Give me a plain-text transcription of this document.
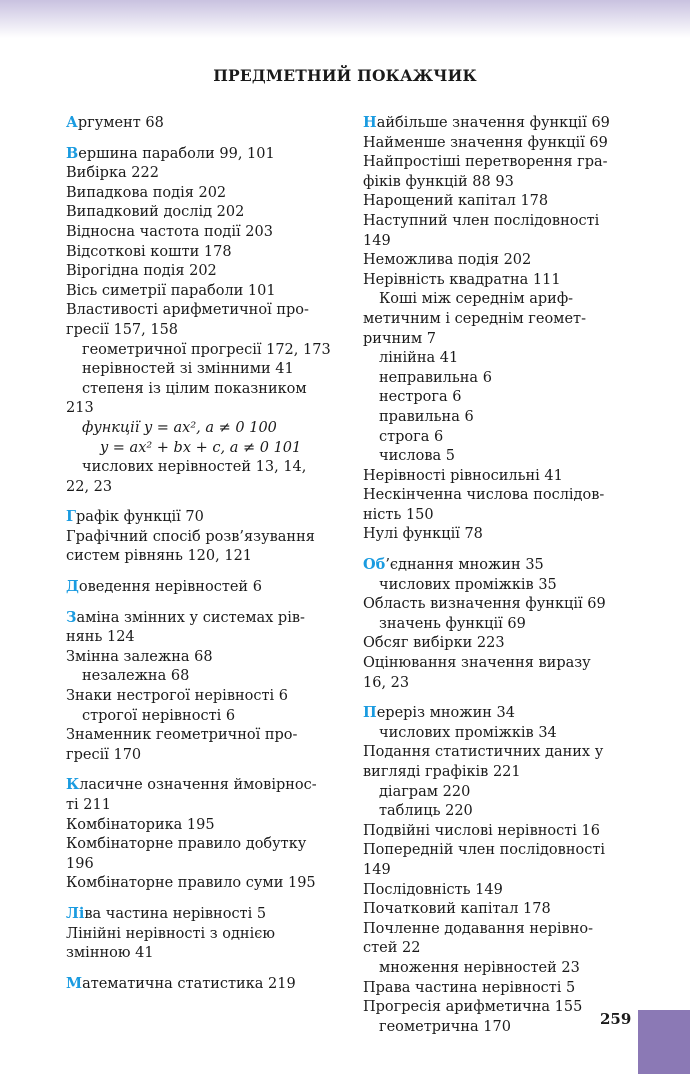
ПРЕДМЕТНИЙ ПОКАЖЧИК
Аргумент 68
Вершина параболи 99, 101
Вибірка 222
Випадкова подія 202
Випадковий дослід 202
Відносна частота події 203
Відсоткові кошти 178
Вірогідна подія 202
Вісь симетрії параболи 101
Властивості арифметичної про-
гресії 157, 158
геометричної прогресії 172, 173
нерівностей зі змінними 41
степеня із цілим показником
213
функції y = ax², a ≠ 0 100
y = ax² + bx + c, a ≠ 0 101
числових нерівностей 13, 14,
22, 23
Графік функції 70
Графічний спосіб розв’язування
систем рівнянь 120, 121
Доведення нерівностей 6
Заміна змінних у системах рів-
нянь 124
Змінна залежна 68
незалежна 68
Знаки нестрогої нерівності 6
строгої нерівності 6
Знаменник геометричної про-
гресії 170
Класичне означення ймовірнос-
ті 211
Комбінаторика 195
Комбінаторне правило добутку
196
Комбінаторне правило суми 195
Ліва частина нерівності 5
Лінійні нерівності з однією
змінною 41
Математична статистика 219
Найбільше значення функції 69
Найменше значення функції 69
Найпростіші перетворення гра-
фіків функцій 88 93
Нарощений капітал 178
Наступний член послідовності 149
Неможлива подія 202
Нерівність квадратна 111
Коші між середнім ариф-
метичним і середнім геомет-
ричним 7
лінійна 41
неправильна 6
нестрога 6
правильна 6
строга 6
числова 5
Нерівності рівносильні 41
Нескінченна числова послідов-
ність 150
Нулі функції 78
Об’єднання множин 35
числових проміжків 35
Область визначення функції 69
значень функції 69
Обсяг вибірки 223
Оцінювання значення виразу
16, 23
Переріз множин 34
числових проміжків 34
Подання статистичних даних у
вигляді графіків 221
діаграм 220
таблиць 220
Подвійні числові нерівності 16
Попередній член послідовності 149
Послідовність 149
Початковий капітал 178
Почленне додавання нерівно-
стей 22
множення нерівностей 23
Права частина нерівності 5
Прогресія арифметична 155
геометрична 170	259
